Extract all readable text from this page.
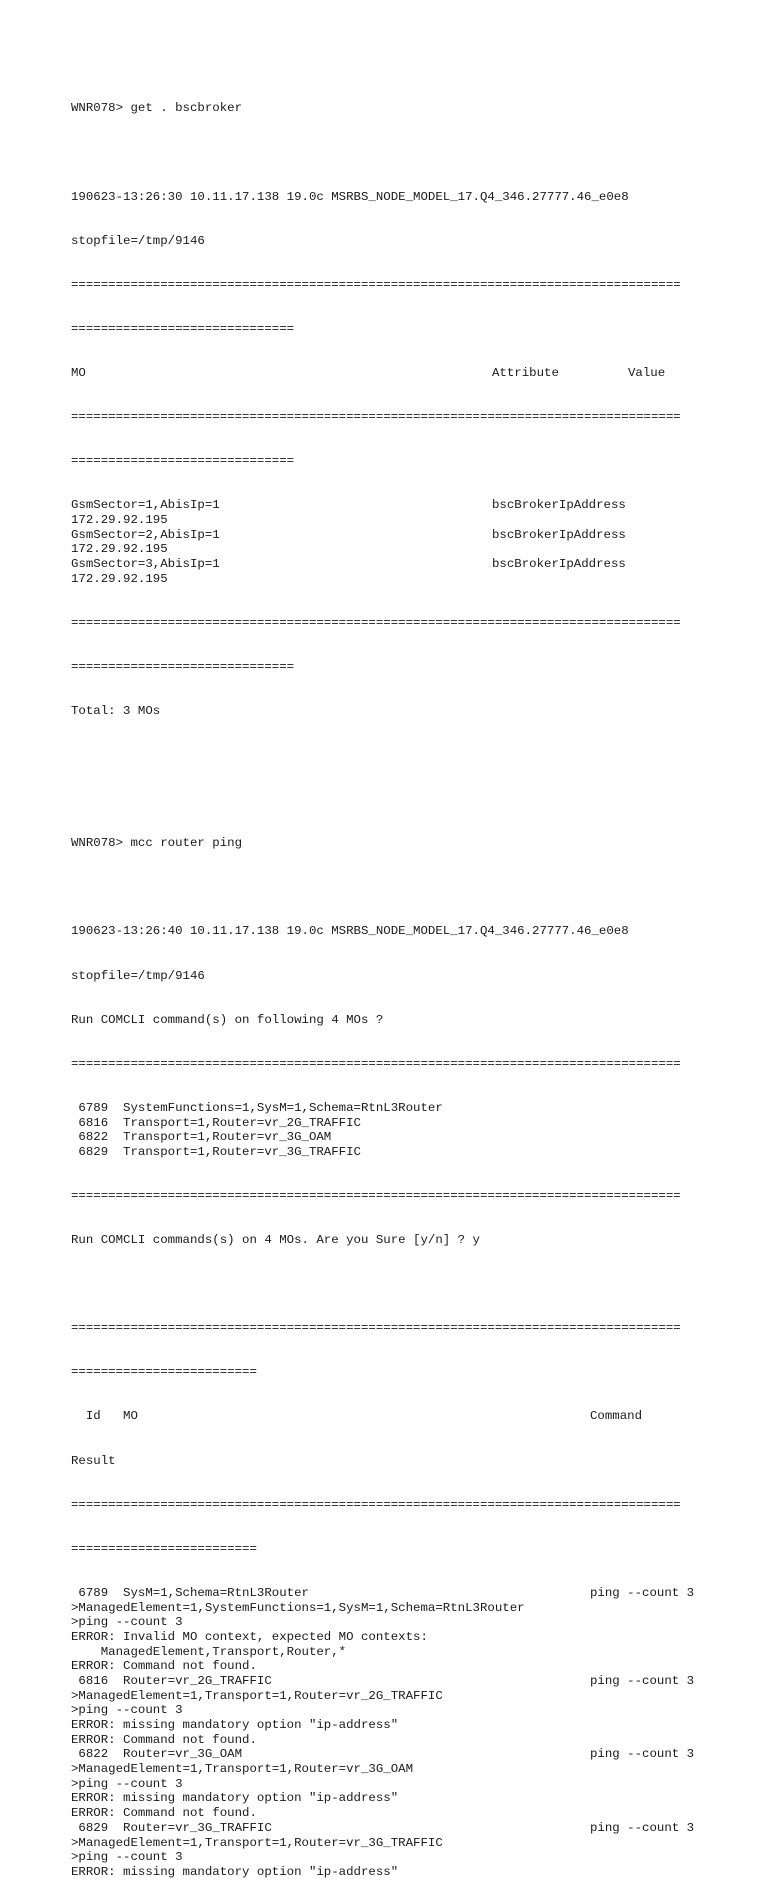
WNR078> get . bscbroker

190623-13:26:30 10.11.17.138 19.0c MSRBS_NODE_MODEL_17.Q4_346.27777.46_e0e8

stopfile=/tmp/9146

==================================================================================

==============================

MO	Attribute	Value

==================================================================================

==============================

GsmSector=1,AbisIp=1	bscBrokerIpAddress
172.29.92.195
GsmSector=2,AbisIp=1	bscBrokerIpAddress
172.29.92.195
GsmSector=3,AbisIp=1	bscBrokerIpAddress
172.29.92.195

==================================================================================

==============================

Total: 3 MOs

WNR078> mcc router ping

190623-13:26:40 10.11.17.138 19.0c MSRBS_NODE_MODEL_17.Q4_346.27777.46_e0e8

stopfile=/tmp/9146

Run COMCLI command(s) on following 4 MOs ?

==================================================================================

6789  SystemFunctions=1,SysM=1,Schema=RtnL3Router
6816  Transport=1,Router=vr_2G_TRAFFIC
6822  Transport=1,Router=vr_3G_OAM
6829  Transport=1,Router=vr_3G_TRAFFIC

==================================================================================

Run COMCLI commands(s) on 4 MOs. Are you Sure [y/n] ? y

==================================================================================

=========================

Id   MO	Command

Result

==================================================================================

=========================

6789  SysM=1,Schema=RtnL3Router	ping --count 3
>ManagedElement=1,SystemFunctions=1,SysM=1,Schema=RtnL3Router
>ping --count 3
ERROR: Invalid MO context, expected MO contexts:
ManagedElement,Transport,Router,*
ERROR: Command not found.
6816  Router=vr_2G_TRAFFIC	ping --count 3
>ManagedElement=1,Transport=1,Router=vr_2G_TRAFFIC
>ping --count 3
ERROR: missing mandatory option "ip-address"
ERROR: Command not found.
6822  Router=vr_3G_OAM	ping --count 3
>ManagedElement=1,Transport=1,Router=vr_3G_OAM
>ping --count 3
ERROR: missing mandatory option "ip-address"
ERROR: Command not found.
6829  Router=vr_3G_TRAFFIC	ping --count 3
>ManagedElement=1,Transport=1,Router=vr_3G_TRAFFIC
>ping --count 3
ERROR: missing mandatory option "ip-address"
